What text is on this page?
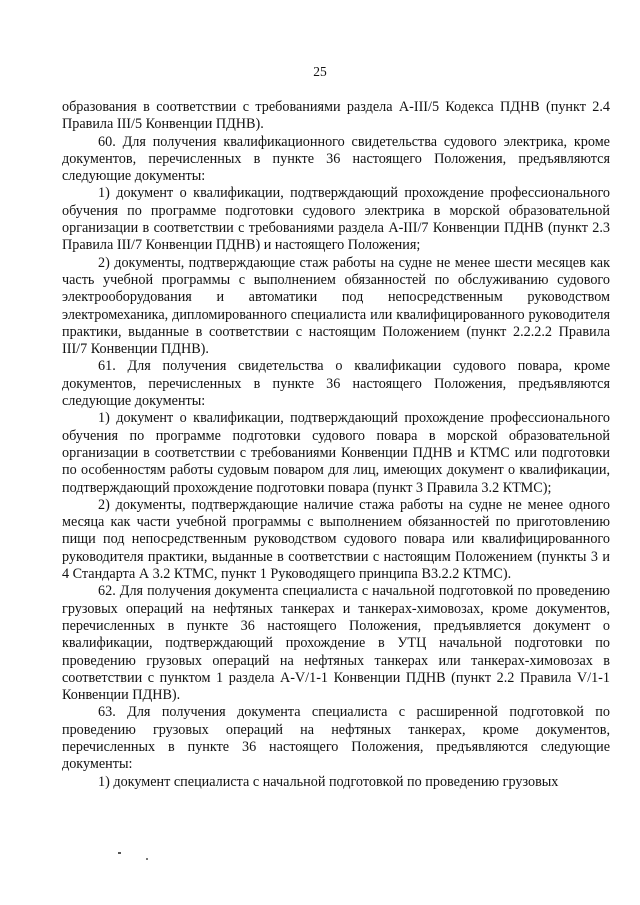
25

образования в соответствии с требованиями раздела А-III/5 Кодекса ПДНВ (пункт 2.4 Правила III/5 Конвенции ПДНВ).

60. Для получения квалификационного свидетельства судового электрика, кроме документов, перечисленных в пункте 36 настоящего Положения, предъявляются следующие документы:

1) документ о квалификации, подтверждающий прохождение профессионального обучения по программе подготовки судового электрика в морской образовательной организации в соответствии с требованиями раздела А-III/7 Конвенции ПДНВ (пункт 2.3 Правила III/7 Конвенции ПДНВ) и настоящего Положения;

2) документы, подтверждающие стаж работы на судне не менее шести месяцев как часть учебной программы с выполнением обязанностей по обслуживанию судового электрооборудования и автоматики под непосредственным руководством электромеханика, дипломированного специалиста или квалифицированного руководителя практики, выданные в соответствии с настоящим Положением (пункт 2.2.2.2 Правила III/7 Конвенции ПДНВ).

61. Для получения свидетельства о квалификации судового повара, кроме документов, перечисленных в пункте 36 настоящего Положения, предъявляются следующие документы:

1) документ о квалификации, подтверждающий прохождение профессионального обучения по программе подготовки судового повара в морской образовательной организации в соответствии с требованиями Конвенции ПДНВ и КТМС или подготовки по особенностям работы судовым поваром для лиц, имеющих документ о квалификации, подтверждающий прохождение подготовки повара (пункт 3 Правила 3.2 КТМС);

2) документы, подтверждающие наличие стажа работы на судне не менее одного месяца как части учебной программы с выполнением обязанностей по приготовлению пищи под непосредственным руководством судового повара или квалифицированного руководителя практики, выданные в соответствии с настоящим Положением (пункты 3 и 4 Стандарта А 3.2 КТМС, пункт 1 Руководящего принципа В3.2.2 КТМС).

62. Для получения документа специалиста с начальной подготовкой по проведению грузовых операций на нефтяных танкерах и танкерах-химовозах, кроме документов, перечисленных в пункте 36 настоящего Положения, предъявляется документ о квалификации, подтверждающий прохождение в УТЦ начальной подготовки по проведению грузовых операций на нефтяных танкерах или танкерах-химовозах в соответствии с пунктом 1 раздела А-V/1-1 Конвенции ПДНВ (пункт 2.2 Правила V/1-1 Конвенции ПДНВ).

63. Для получения документа специалиста с расширенной подготовкой по проведению грузовых операций на нефтяных танкерах, кроме документов, перечисленных в пункте 36 настоящего Положения, предъявляются следующие документы:

1) документ специалиста с начальной подготовкой по проведению грузовых
